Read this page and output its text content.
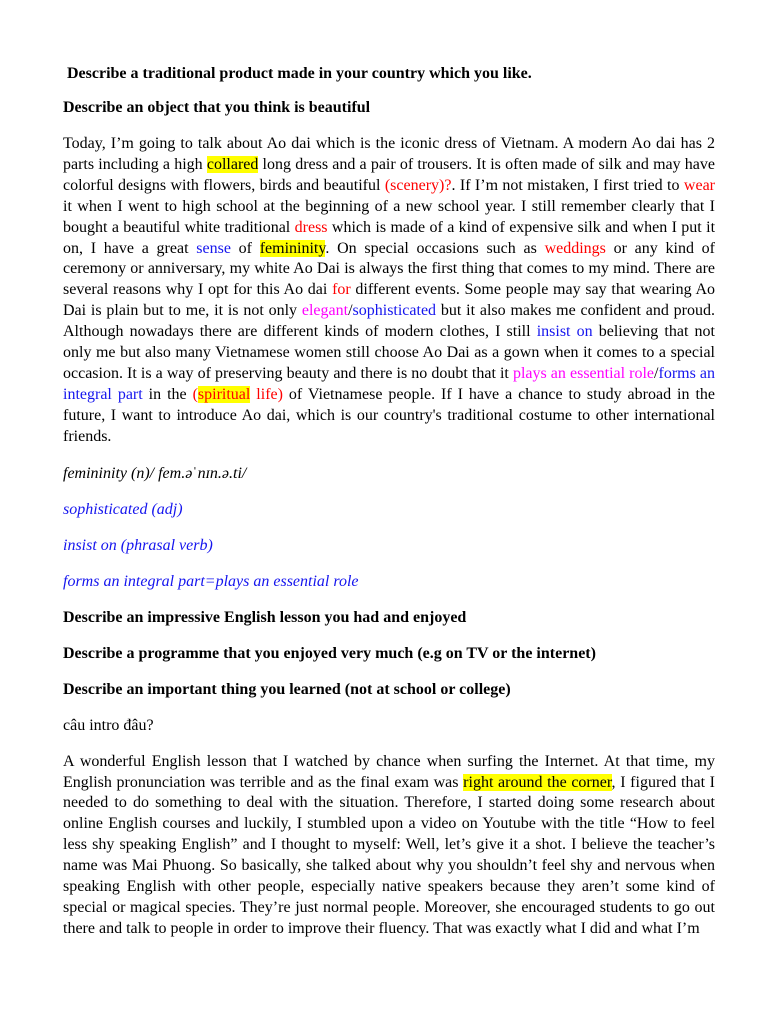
Describe a traditional product made in your country which you like.

Describe an object that you think is beautiful

Today, I’m going to talk about Ao dai which is the iconic dress of Vietnam. A modern Ao dai has 2 parts including a high collared long dress and a pair of trousers. It is often made of silk and may have colorful designs with flowers, birds and beautiful (scenery)?. If I’m not mistaken, I first tried to wear it when I went to high school at the beginning of a new school year. I still remember clearly that I bought a beautiful white traditional dress which is made of a kind of expensive silk and when I put it on, I have a great sense of femininity. On special occasions such as weddings or any kind of ceremony or anniversary, my white Ao Dai is always the first thing that comes to my mind. There are several reasons why I opt for this Ao dai for different events. Some people may say that wearing Ao Dai is plain but to me, it is not only elegant/sophisticated but it also makes me confident and proud. Although nowadays there are different kinds of modern clothes, I still insist on believing that not only me but also many Vietnamese women still choose Ao Dai as a gown when it comes to a special occasion. It is a way of preserving beauty and there is no doubt that it plays an essential role/forms an integral part in the (spiritual life) of Vietnamese people. If I have a chance to study abroad in the future, I want to introduce Ao dai, which is our country's traditional costume to other international friends.

femininity (n)/ fem.əˈnɪn.ə.ti/

sophisticated (adj)

insist on (phrasal verb)

forms an integral part=plays an essential role

Describe an impressive English lesson you had and enjoyed

Describe a programme that you enjoyed very much (e.g on TV or the internet)

Describe an important thing you learned (not at school or college)

câu intro đâu?

A wonderful English lesson that I watched by chance when surfing the Internet. At that time, my English pronunciation was terrible and as the final exam was right around the corner, I figured that I needed to do something to deal with the situation. Therefore, I started doing some research about online English courses and luckily, I stumbled upon a video on Youtube with the title “How to feel less shy speaking English” and I thought to myself: Well, let’s give it a shot. I believe the teacher’s name was Mai Phuong. So basically, she talked about why you shouldn’t feel shy and nervous when speaking English with other people, especially native speakers because they aren’t some kind of special or magical species. They’re just normal people. Moreover, she encouraged students to go out there and talk to people in order to improve their fluency. That was exactly what I did and what I’m
